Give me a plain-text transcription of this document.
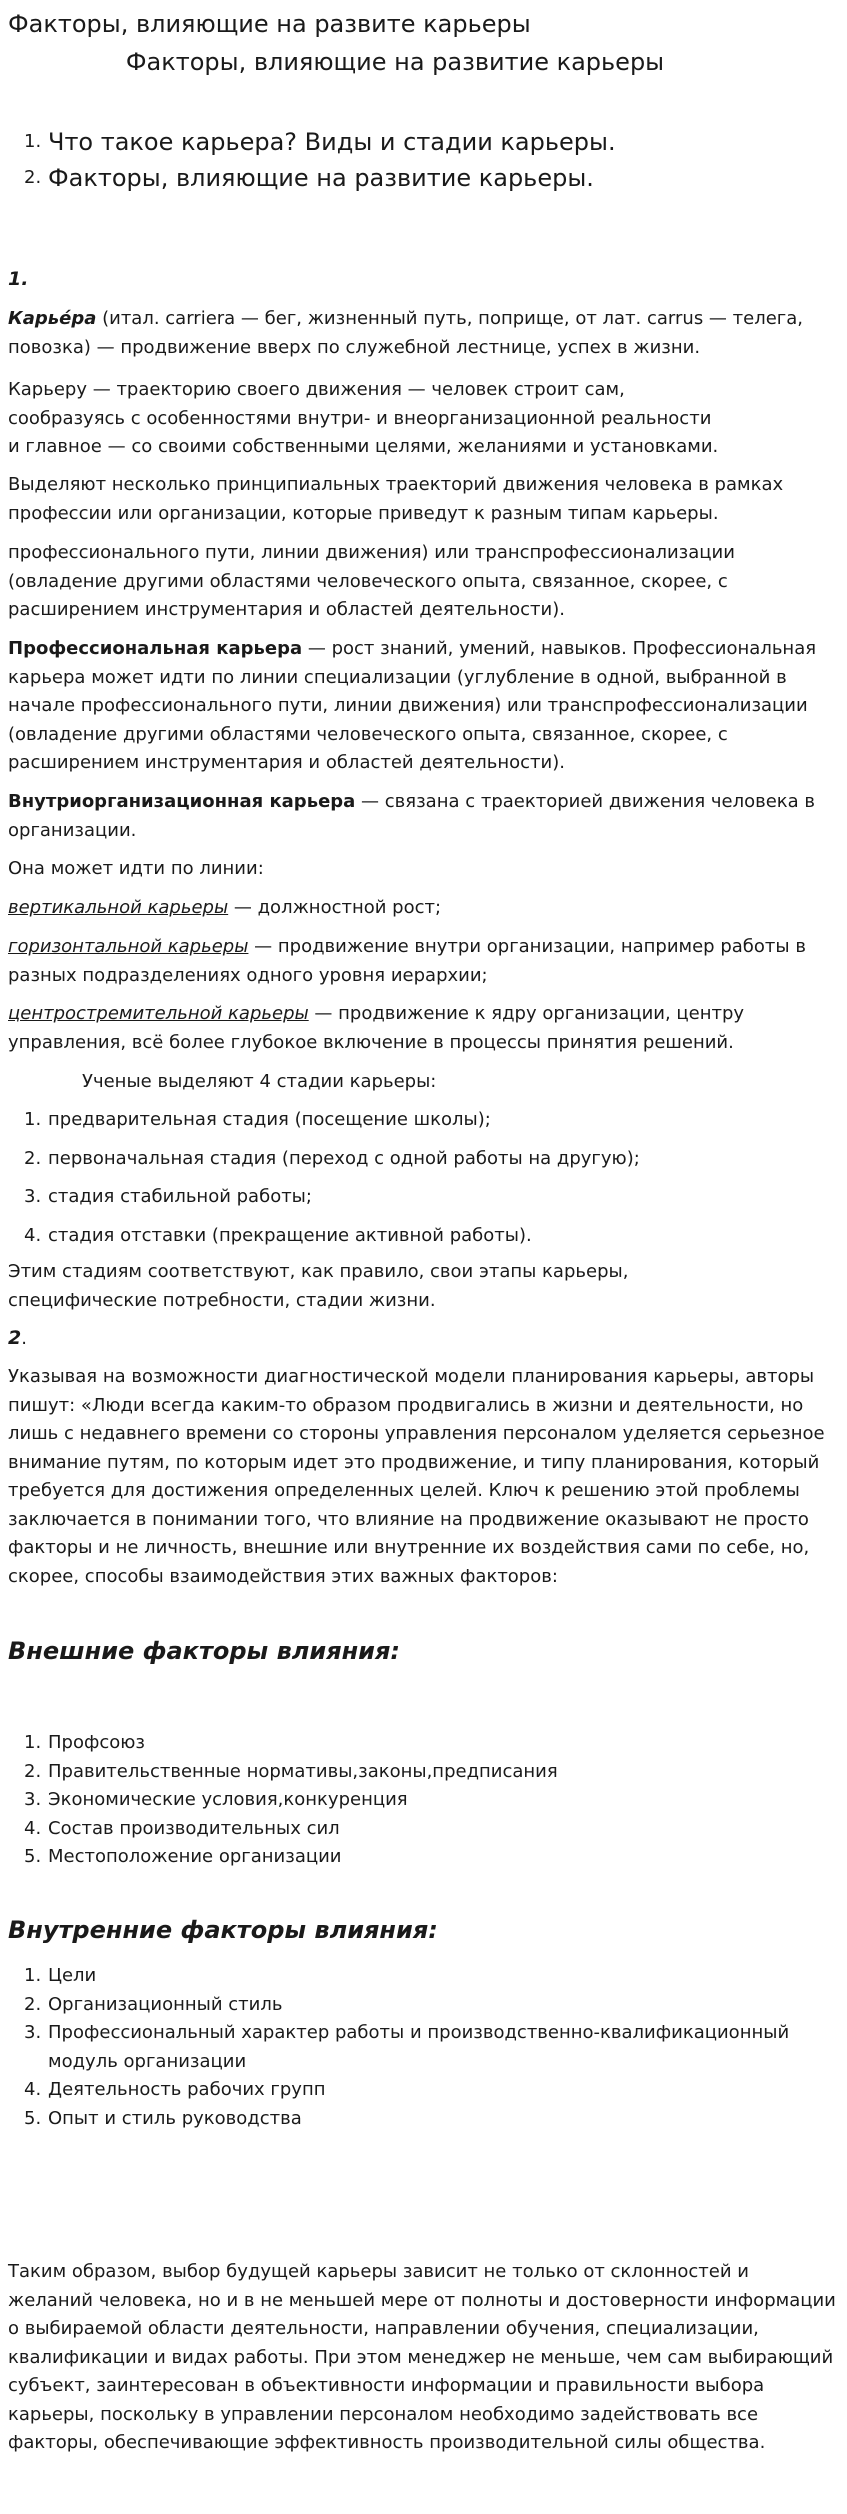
Факторы, влияющие на развите карьеры
Факторы, влияющие на развитие карьеры
1. Что такое карьера? Виды и стадии карьеры.
2. Факторы, влияющие на развитие карьеры.
1.

Карье́ра (итал. carriera — бег, жизненный путь, поприще, от лат. carrus — телега, повозка) — продвижение вверх по служебной лестнице, успех в жизни.

Карьеру — траекторию своего движения — человек строит сам,
сообразуясь с особенностями внутри- и внеорганизационной реальности
и главное — со своими собственными целями, желаниями и установками.

Выделяют несколько принципиальных траекторий движения человека в рамках профессии или организации, которые приведут к разным типам карьеры.

профессионального пути, линии движения) или транспрофессионализации (овладение другими областями человеческого опыта, связанное, скорее, с расширением инструментария и областей деятельности).

Профессиональная карьера — рост знаний, умений, навыков. Профессиональная карьера может идти по линии специализации (углубление в одной, выбранной в начале профессионального пути, линии движения) или транспрофессионализации (овладение другими областями человеческого опыта, связанное, скорее, с расширением инструментария и областей деятельности).

Внутриорганизационная карьера — связана с траекторией движения человека в организации.

Она может идти по линии:

вертикальной карьеры — должностной рост;

горизонтальной карьеры — продвижение внутри организации, например работы в разных подразделениях одного уровня иерархии;

центростремительной карьеры — продвижение к ядру организации, центру управления, всё более глубокое включение в процессы принятия решений.

Ученые выделяют 4 стадии карьеры:

1. предварительная стадия (посещение школы);
2. первоначальная стадия (переход с одной работы на другую);
3. стадия стабильной работы;
4. стадия отставки (прекращение активной работы).
Этим стадиям соответствуют, как правило, свои этапы карьеры,
специфические потребности, стадии жизни.
2.

Указывая на возможности диагностической модели планирования карьеры, авторы пишут: «Люди всегда каким-то образом продвигались в жизни и деятельности, но лишь с недавнего времени со стороны управления персоналом уделяется серьезное внимание путям, по которым идет это продвижение, и типу планирования, который требуется для достижения определенных целей. Ключ к решению этой проблемы заключается в понимании того, что влияние на продвижение оказывают не просто факторы и не личность, внешние или внутренние их воздействия сами по себе, но, скорее, способы взаимодействия этих важных факторов:

Внешние факторы влияния:
1. Профсоюз
2. Правительственные нормативы,законы,предписания
3. Экономические условия,конкуренция
4. Состав производительных сил
5. Местоположение организации
Внутренние факторы влияния:
1. Цели
2. Организационный стиль
3. Профессиональный характер работы и производственно-квалификационный модуль организации
4. Деятельность рабочих групп
5. Опыт и стиль руководства

Таким образом, выбор будущей карьеры зависит не только от склонностей и желаний человека, но и в не меньшей мере от полноты и достоверности информации о выбираемой области деятельности, направлении обучения, специализации, квалификации и видах работы. При этом менеджер не меньше, чем сам выбирающий субъект, заинтересован в объективности информации и правильности выбора карьеры, поскольку в управлении персоналом необходимо задействовать все факторы, обеспечивающие эффективность производительной силы общества.
